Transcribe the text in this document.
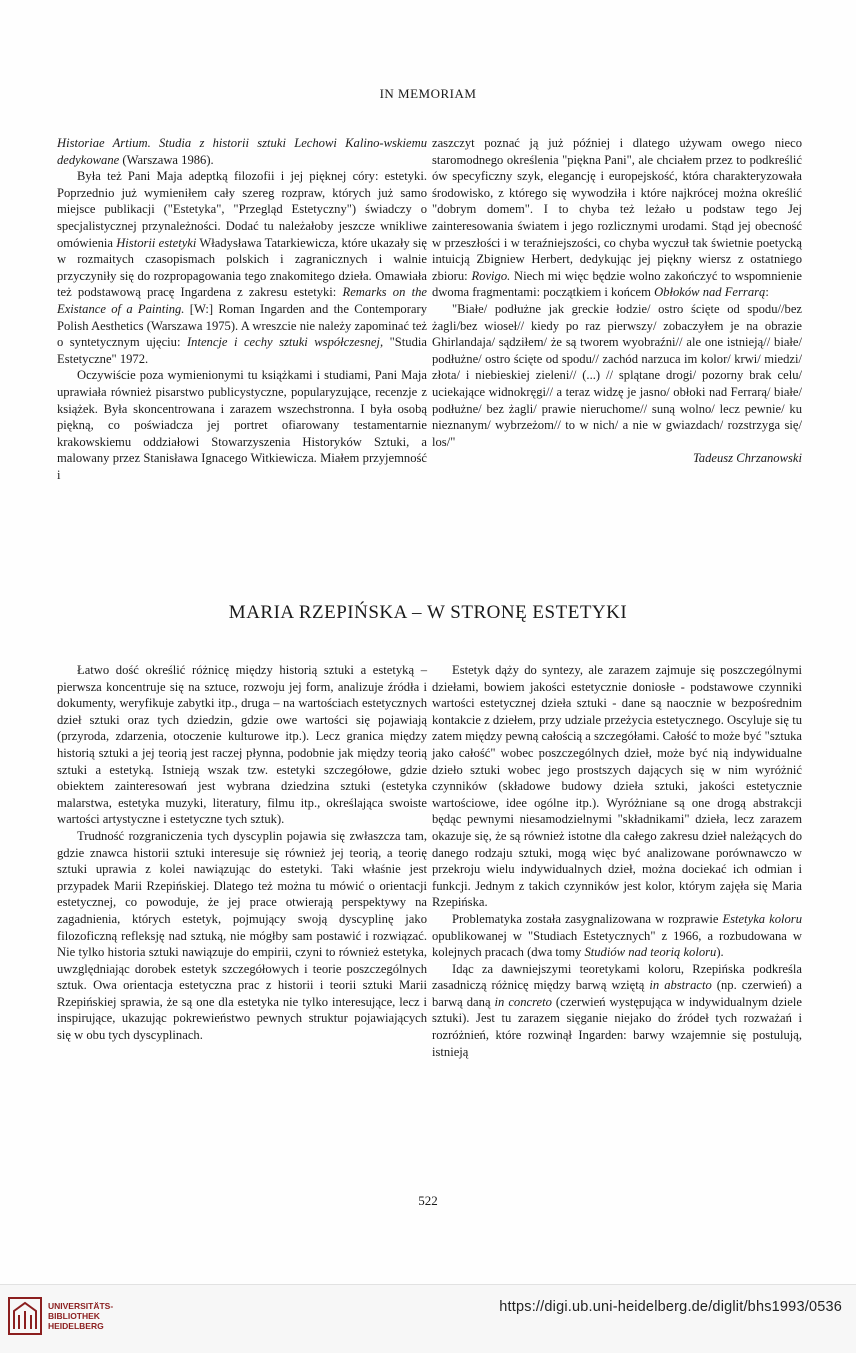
IN MEMORIAM

Historiae Artium. Studia z historii sztuki Lechowi Kalino-wskiemu dedykowane (Warszawa 1986).

Była też Pani Maja adeptką filozofii i jej pięknej córy: estetyki. Poprzednio już wymieniłem cały szereg rozpraw, których już samo miejsce publikacji ("Estetyka", "Przegląd Estetyczny") świadczy o specjalistycznej przynależności. Dodać tu należałoby jeszcze wnikliwe omówienia Historii estetyki Władysława Tatarkiewicza, które ukazały się w rozmaitych czasopismach polskich i zagranicznych i walnie przyczyniły się do rozpropagowania tego znakomitego dzieła. Omawiała też podstawową pracę Ingardena z zakresu estetyki: Remarks on the Existance of a Painting. [W:] Roman Ingarden and the Contemporary Polish Aesthetics (Warszawa 1975). A wreszcie nie należy zapominać też o syntetycznym ujęciu: Intencje i cechy sztuki współczesnej, "Studia Estetyczne" 1972.

Oczywiście poza wymienionymi tu książkami i studiami, Pani Maja uprawiała również pisarstwo publicystyczne, popularyzujące, recenzje z książek. Była skoncentrowana i zarazem wszechstronna. I była osobą piękną, co poświadcza jej portret ofiarowany testamentarnie krakowskiemu oddziałowi Stowarzyszenia Historyków Sztuki, a malowany przez Stanisława Ignacego Witkiewicza. Miałem przyjemność i

zaszczyt poznać ją już później i dlatego używam owego nieco staromodnego określenia "piękna Pani", ale chciałem przez to podkreślić ów specyficzny szyk, elegancję i europejskość, która charakteryzowała środowisko, z którego się wywodziła i które najkrócej można określić "dobrym domem". I to chyba też leżało u podstaw tego Jej zainteresowania światem i jego rozlicznymi urodami. Stąd jej obecność w przeszłości i w teraźniejszości, co chyba wyczuł tak świetnie poetycką intuicją Zbigniew Herbert, dedykując jej piękny wiersz z ostatniego zbioru: Rovigo. Niech mi więc będzie wolno zakończyć to wspomnienie dwoma fragmentami: początkiem i końcem Obłoków nad Ferrarą:

"Białe/ podłużne jak greckie łodzie/ ostro ścięte od spodu//bez żagli/bez wioseł// kiedy po raz pierwszy/ zobaczyłem je na obrazie Ghirlandaja/ sądziłem/ że są tworem wyobraźni// ale one istnieją// białe/ podłużne/ ostro ścięte od spodu// zachód narzuca im kolor/ krwi/ miedzi/ złota/ i niebieskiej zieleni// (...) // splątane drogi/ pozorny brak celu/ uciekające widnokręgi// a teraz widzę je jasno/ obłoki nad Ferrarą/ białe/ podłużne/ bez żagli/ prawie nieruchome// suną wolno/ lecz pewnie/ ku nieznanym/ wybrzeżom// to w nich/ a nie w gwiazdach/ rozstrzyga się/ los/"

Tadeusz Chrzanowski

MARIA RZEPIŃSKA – W STRONĘ ESTETYKI

Łatwo dość określić różnicę między historią sztuki a estetyką – pierwsza koncentruje się na sztuce, rozwoju jej form, analizuje źródła i dokumenty, weryfikuje zabytki itp., druga – na wartościach estetycznych dzieł sztuki oraz tych dziedzin, gdzie owe wartości się pojawiają (przyroda, zdarzenia, otoczenie kulturowe itp.). Lecz granica między historią sztuki a jej teorią jest raczej płynna, podobnie jak między teorią sztuki a estetyką. Istnieją wszak tzw. estetyki szczegółowe, gdzie obiektem zainteresowań jest wybrana dziedzina sztuki (estetyka malarstwa, estetyka muzyki, literatury, filmu itp., określająca swoiste wartości artystyczne i estetyczne tych sztuk).

Trudność rozgraniczenia tych dyscyplin pojawia się zwłaszcza tam, gdzie znawca historii sztuki interesuje się również jej teorią, a teorię sztuki uprawia z kolei nawiązując do estetyki. Taki właśnie jest przypadek Marii Rzepińskiej. Dlatego też można tu mówić o orientacji estetycznej, co powoduje, że jej prace otwierają perspektywy na zagadnienia, których estetyk, pojmujący swoją dyscyplinę jako filozoficzną refleksję nad sztuką, nie mógłby sam postawić i rozwiązać. Nie tylko historia sztuki nawiązuje do empirii, czyni to również estetyka, uwzględniając dorobek estetyk szczegółowych i teorie poszczególnych sztuk. Owa orientacja estetyczna prac z historii i teorii sztuki Marii Rzepińskiej sprawia, że są one dla estetyka nie tylko interesujące, lecz i inspirujące, ukazując pokrewieństwo pewnych struktur pojawiających się w obu tych dyscyplinach.

Estetyk dąży do syntezy, ale zarazem zajmuje się poszczególnymi dziełami, bowiem jakości estetycznie doniosłe - podstawowe czynniki wartości estetycznej dzieła sztuki - dane są naocznie w bezpośrednim kontakcie z dziełem, przy udziale przeżycia estetycznego. Oscyluje się tu zatem między pewną całością a szczegółami. Całość to może być "sztuka jako całość" wobec poszczególnych dzieł, może być nią indywidualne dzieło sztuki wobec jego prostszych dających się w nim wyróżnić czynników (składowe budowy dzieła sztuki, jakości estetycznie wartościowe, idee ogólne itp.). Wyróżniane są one drogą abstrakcji będąc pewnymi niesamodzielnymi "składnikami" dzieła, lecz zarazem okazuje się, że są również istotne dla całego zakresu dzieł należących do danego rodzaju sztuki, mogą więc być analizowane porównawczo w przekroju wielu indywidualnych dzieł, można dociekać ich odmian i funkcji. Jednym z takich czynników jest kolor, którym zajęła się Maria Rzepińska.

Problematyka została zasygnalizowana w rozprawie Estetyka koloru opublikowanej w "Studiach Estetycznych" z 1966, a rozbudowana w kolejnych pracach (dwa tomy Studiów nad teorią koloru).

Idąc za dawniejszymi teoretykami koloru, Rzepińska podkreśla zasadniczą różnicę między barwą wziętą in abstracto (np. czerwień) a barwą daną in concreto (czerwień występująca w indywidualnym dziele sztuki). Jest tu zarazem sięganie niejako do źródeł tych rozważań i rozróżnień, które rozwinął Ingarden: barwy wzajemnie się postulują, istnieją

522
UNIVERSITÄTS-
BIBLIOTHEK
HEIDELBERG
https://digi.ub.uni-heidelberg.de/diglit/bhs1993/0536
